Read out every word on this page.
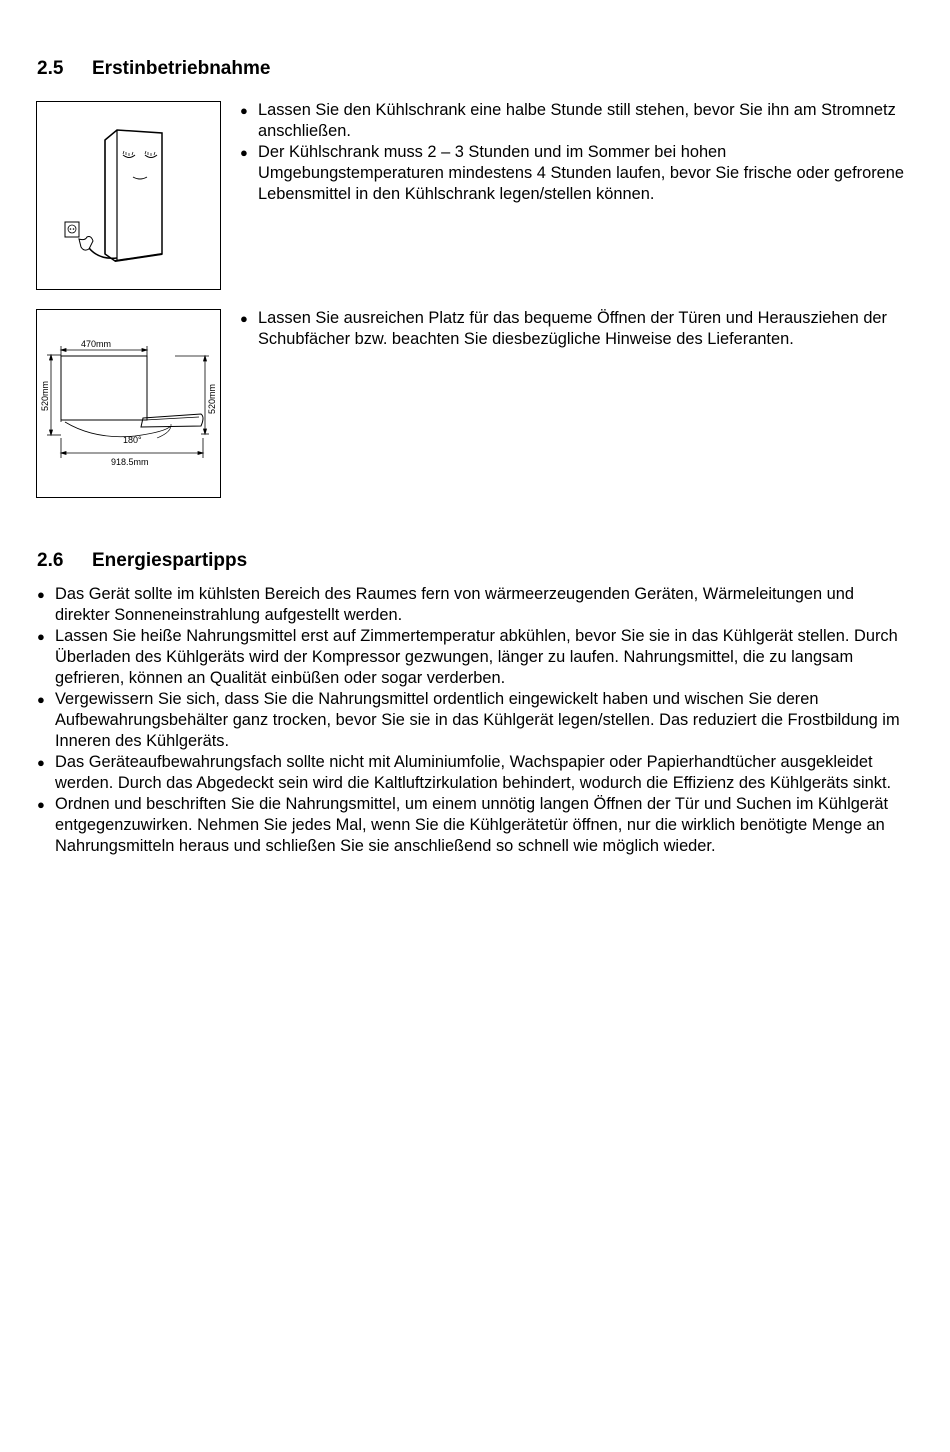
2.5 Erstinbetriebnahme
● Lassen Sie den Kühlschrank eine halbe Stunde still stehen, bevor Sie ihn am Stromnetz anschließen.
● Der Kühlschrank muss 2 – 3 Stunden und im Sommer bei hohen Umgebungstemperaturen mindestens 4 Stunden laufen, bevor Sie frische oder gefrorene Lebensmittel in den Kühlschrank legen/stellen können.
470mm
520mm	520mm
180°
918.5mm
● Lassen Sie ausreichen Platz für das bequeme Öffnen der Türen und Herausziehen der Schubfächer bzw. beachten Sie diesbezügliche Hinweise des Lieferanten.
2.6 Energiespartipps
● Das Gerät sollte im kühlsten Bereich des Raumes fern von wärmeerzeugenden Geräten, Wärmeleitungen und direkter Sonneneinstrahlung aufgestellt werden.
● Lassen Sie heiße Nahrungsmittel erst auf Zimmertemperatur abkühlen, bevor Sie sie in das Kühlgerät stellen. Durch Überladen des Kühlgeräts wird der Kompressor gezwungen, länger zu laufen. Nahrungsmittel, die zu langsam gefrieren, können an Qualität einbüßen oder sogar verderben.
● Vergewissern Sie sich, dass Sie die Nahrungsmittel ordentlich eingewickelt haben und wischen Sie deren Aufbewahrungsbehälter ganz trocken, bevor Sie sie in das Kühlgerät legen/stellen. Das reduziert die Frostbildung im Inneren des Kühlgeräts.
● Das Geräteaufbewahrungsfach sollte nicht mit Aluminiumfolie, Wachspapier oder Papierhandtücher ausgekleidet werden. Durch das Abgedeckt sein wird die Kaltluftzirkulation behindert, wodurch die Effizienz des Kühlgeräts sinkt.
● Ordnen und beschriften Sie die Nahrungsmittel, um einem unnötig langen Öffnen der Tür und Suchen im Kühlgerät entgegenzuwirken. Nehmen Sie jedes Mal, wenn Sie die Kühlgerätetür öffnen, nur die wirklich benötigte Menge an Nahrungsmitteln heraus und schließen Sie sie anschließend so schnell wie möglich wieder.
